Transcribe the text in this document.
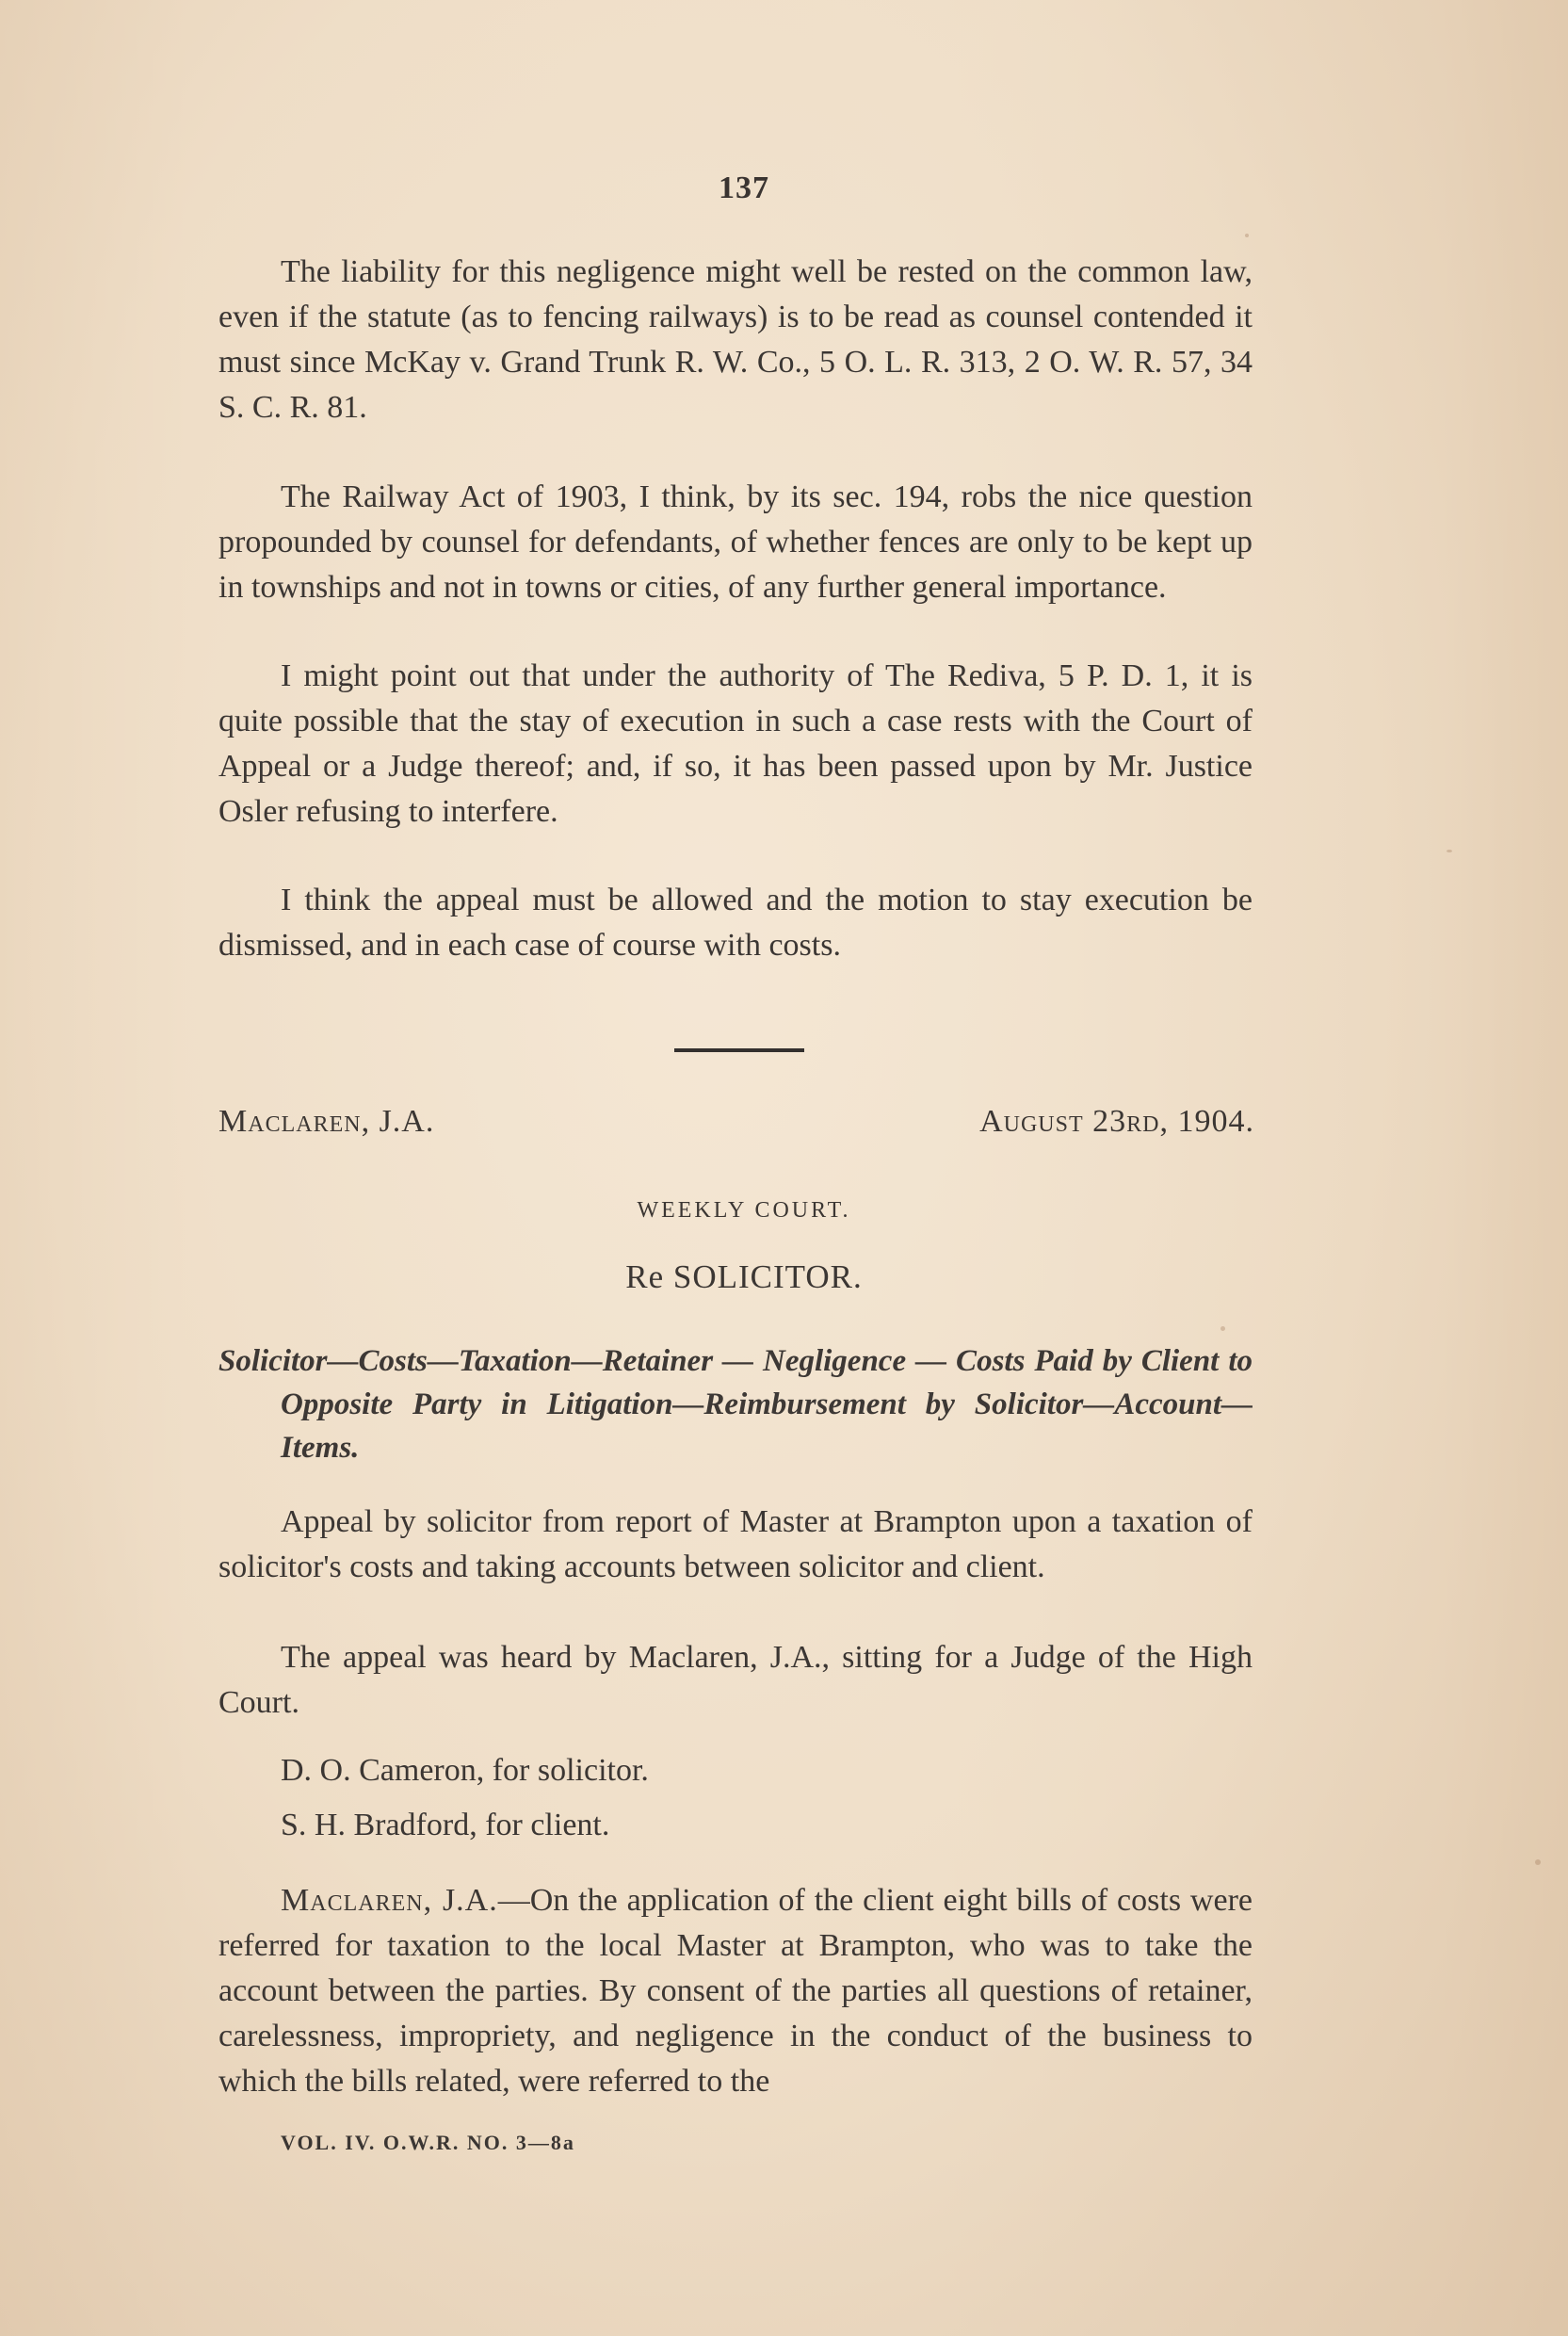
137

The liability for this negligence might well be rested on the common law, even if the statute (as to fencing railways) is to be read as counsel contended it must since McKay v. Grand Trunk R. W. Co., 5 O. L. R. 313, 2 O. W. R. 57, 34 S. C. R. 81.

The Railway Act of 1903, I think, by its sec. 194, robs the nice question propounded by counsel for defendants, of whether fences are only to be kept up in townships and not in towns or cities, of any further general importance.

I might point out that under the authority of The Rediva, 5 P. D. 1, it is quite possible that the stay of execution in such a case rests with the Court of Appeal or a Judge thereof; and, if so, it has been passed upon by Mr. Justice Osler refusing to interfere.

I think the appeal must be allowed and the motion to stay execution be dismissed, and in each case of course with costs.

Maclaren, J.A.	August 23rd, 1904.
WEEKLY COURT.
Re SOLICITOR.
Solicitor—Costs—Taxation—Retainer — Negligence — Costs Paid by Client to Opposite Party in Litigation—Reimbursement by Solicitor—Account—Items.

Appeal by solicitor from report of Master at Brampton upon a taxation of solicitor's costs and taking accounts between solicitor and client.

The appeal was heard by Maclaren, J.A., sitting for a Judge of the High Court.

D. O. Cameron, for solicitor.
S. H. Bradford, for client.

Maclaren, J.A.—On the application of the client eight bills of costs were referred for taxation to the local Master at Brampton, who was to take the account between the parties. By consent of the parties all questions of retainer, carelessness, impropriety, and negligence in the conduct of the business to which the bills related, were referred to the

VOL. IV. O.W.R. NO. 3—8a
